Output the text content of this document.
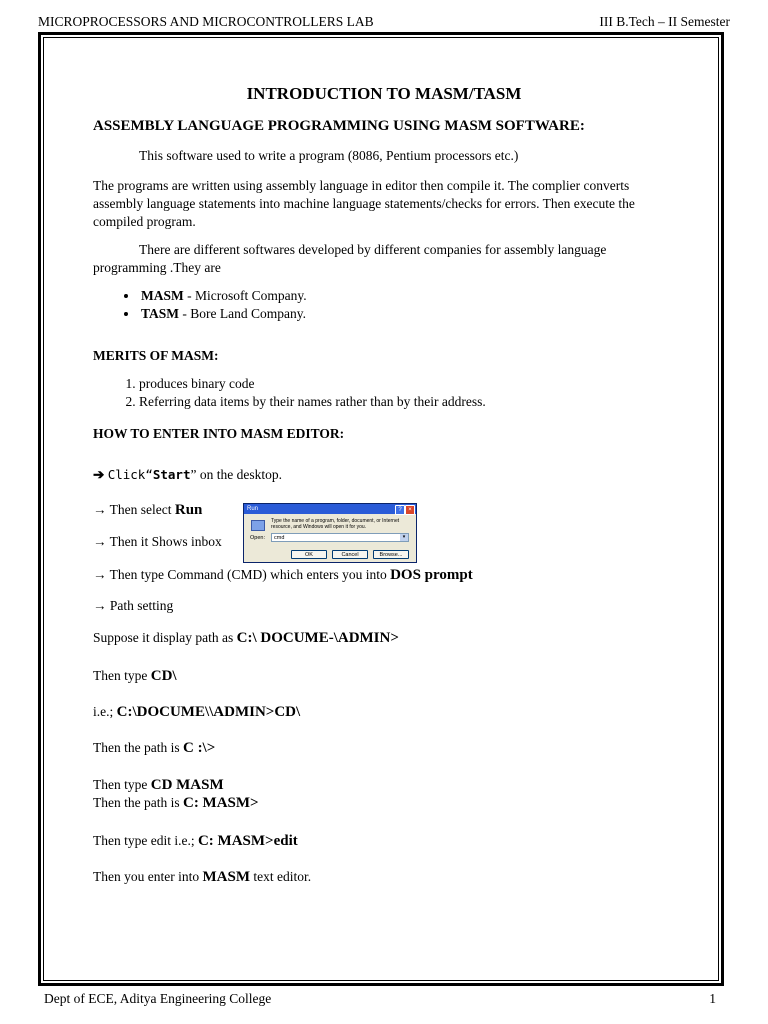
MICROPROCESSORS AND MICROCONTROLLERS LAB	III B.Tech – II Semester
INTRODUCTION TO MASM/TASM
ASSEMBLY LANGUAGE PROGRAMMING USING MASM SOFTWARE:

This software used to write a program (8086, Pentium processors etc.)

The programs are written using assembly language in editor then compile it. The complier converts assembly language statements into machine language statements/checks for errors. Then execute the compiled program.

There are different softwares developed by different companies for assembly language programming .They are

• MASM - Microsoft Company.
• TASM - Bore Land Company.

MERITS OF MASM:

1. produces binary code
2. Referring data items by their names rather than by their address.

HOW TO ENTER INTO MASM EDITOR:

➔ Click“Start” on the desktop.

→ Then select Run

→ Then it Shows inbox

→ Then type Command (CMD) which enters you into DOS prompt

→ Path setting

Suppose it display path as C:\ DOCUME-\ADMIN>

Then type CD\

i.e.; C:\DOCUME\\ADMIN>CD\

Then the path is C :\>

Then type CD MASM

Then the path is C: MASM>

Then type edit i.e.; C: MASM>edit

Then you enter into MASM text editor.

Run	?	×
Type the name of a program, folder, document, or Internet resource, and Windows will open it for you.
Open:	cmd	▾
OK	Cancel	Browse...
Dept of ECE, Aditya Engineering College	1
